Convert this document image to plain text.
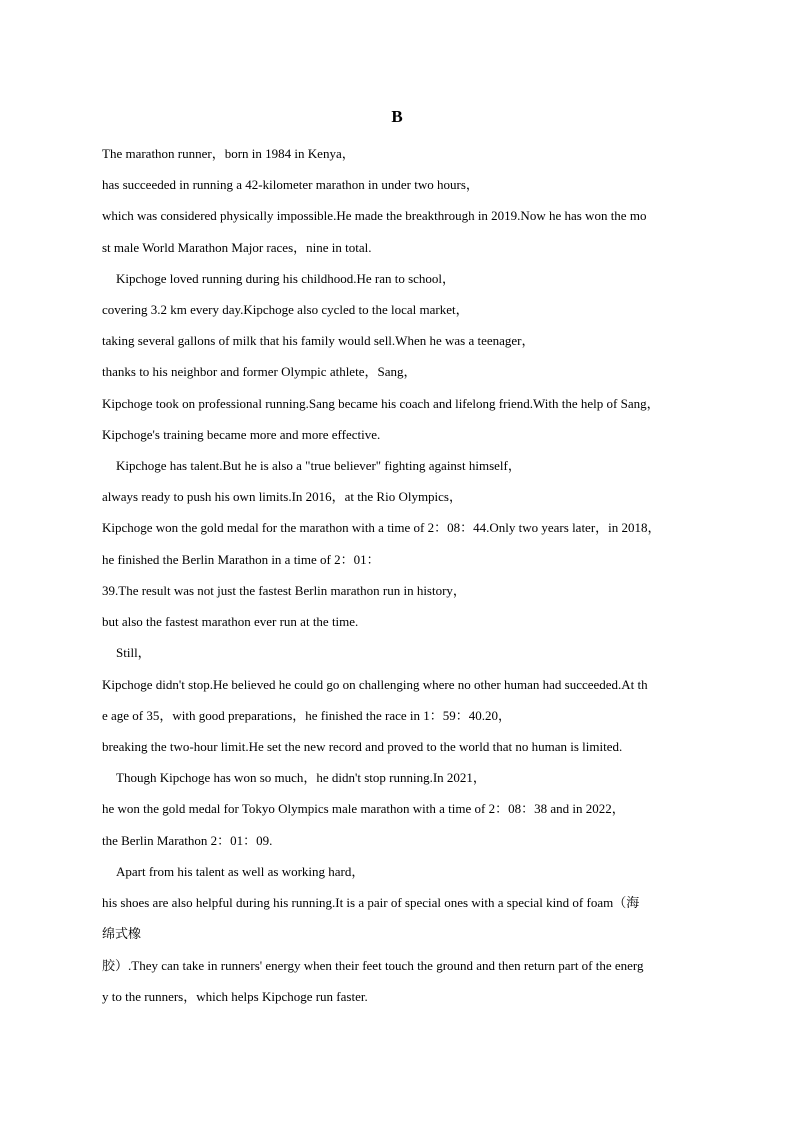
B
The marathon runner，born in 1984 in Kenya，
has succeeded in running a 42-kilometer marathon in under two hours，
which was considered physically impossible.He made the breakthrough in 2019.Now he has won the mo
st male World Marathon Major races，nine in total.
Kipchoge loved running during his childhood.He ran to school，
covering 3.2 km every day.Kipchoge also cycled to the local market，
taking several gallons of milk that his family would sell.When he was a teenager，
thanks to his neighbor and former Olympic athlete，Sang，
Kipchoge took on professional running.Sang became his coach and lifelong friend.With the help of Sang，
Kipchoge's training became more and more effective.
Kipchoge has talent.But he is also a "true believer" fighting against himself，
always ready to push his own limits.In 2016，at the Rio Olympics，
Kipchoge won the gold medal for the marathon with a time of 2：08：44.Only two years later，in 2018，
he finished the Berlin Marathon in a time of 2：01：
39.The result was not just the fastest Berlin marathon run in history，
but also the fastest marathon ever run at the time.
Still，
Kipchoge didn't stop.He believed he could go on challenging where no other human had succeeded.At th
e age of 35，with good preparations，he finished the race in 1：59：40.20，
breaking the two-hour limit.He set the new record and proved to the world that no human is limited.
Though Kipchoge has won so much，he didn't stop running.In 2021，
he won the gold medal for Tokyo Olympics male marathon with a time of 2：08：38 and in 2022，
the Berlin Marathon 2：01：09.
Apart from his talent as well as working hard，
his shoes are also helpful during his running.It is a pair of special ones with a special kind of foam（海
绵式橡
胶）.They can take in runners' energy when their feet touch the ground and then return part of the energ
y to the runners，which helps Kipchoge run faster.
